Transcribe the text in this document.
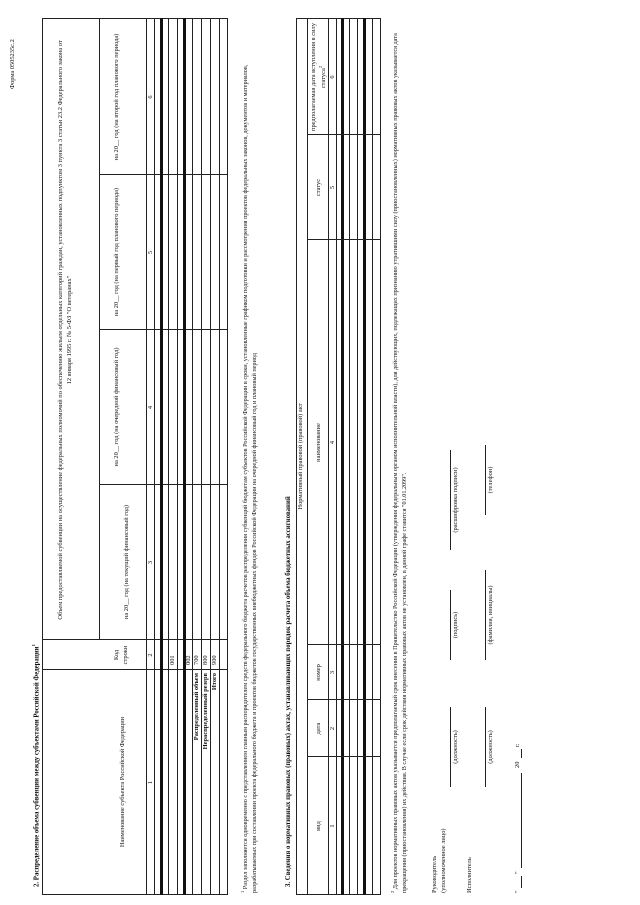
Форма 0505235с.2
2. Распределение объема субвенции между субъектами Российской Федерации$^1$
Наименование субъекта Российской Федерации
Код строки
Объем предоставляемой субвенции на осуществление федеральных полномочий по обеспечению жильем отдельных категорий граждан, установленных подпунктом 3 пункта 3 статьи 23.2 Федерального закона от 12 января 1995 г. № 5-ФЗ "О ветеранах"
на 20__ год (на текущий финансовый год)
на 20__ год (на очередной финансовый год)
на 20__ год (на первый год планового периода)
на 20__ год (на второй год планового периода)
1
2
3
4
5
6
001 002 700 800 900
Распределенный объем Нераспределенный резерв Итого
$^1$ Раздел заполняется одновременно с представлением главным распорядителем средств федерального бюджета расчетов распределения субвенций бюджетам субъектов Российской Федерации в сроки, установленные графиком подготовки и рассмотрения проектов федеральных законов, документов и материалов, разрабатываемых при составлении проекта федерального бюджета и проектов бюджетов государственных внебюджетных фондов Российской Федерации на очередной финансовый год и плановый период	3. Сведения о нормативных правовых (правовых) актах, устанавливающих порядок расчета объема бюджетных ассигнований
Нормативный правовой (правовой) акт
вид
дата
номер
наименование
статус
предполагаемая дата вступления в силу статуса$^2$
1
2
3
4
5
6
$^2$ Для проектов нормативных правовых актов указывается предполагаемый срок внесения в Правительство Российской Федерации (утверждения федеральным органом исполнительной власти), для действующих, подлежащих признанию утратившими силу (приостановленных) нормативных правовых актов указывается дата прекращения (приостановления) их действия. В случае если срок действия нормативных правовых актов не установлен, в данной графе ставится "01.01.2099".	Руководитель (уполномоченное лицо)
(должность)
(подпись)
(расшифровка подписи)
Исполнитель
(должность)
(фамилия, инициалы)
(телефон)
"
"
20
г.
